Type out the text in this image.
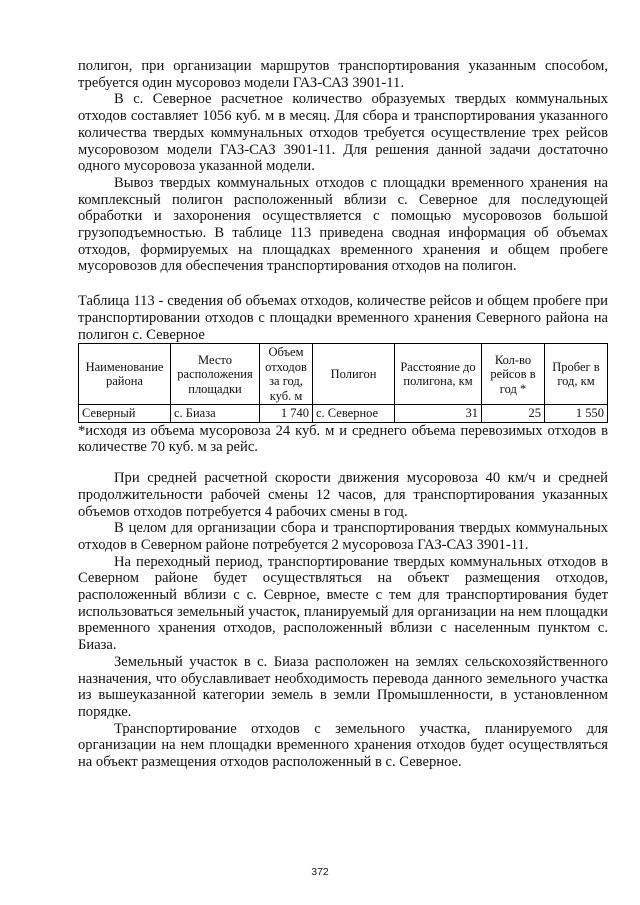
полигон, при организации маршрутов транспортирования указанным способом, требуется один мусоровоз модели ГАЗ-САЗ 3901-11.

В с. Северное расчетное количество образуемых твердых коммунальных отходов составляет 1056 куб. м в месяц. Для сбора и транспортирования указанного количества твердых коммунальных отходов требуется осуществление трех рейсов мусоровозом модели ГАЗ-САЗ 3901-11. Для решения данной задачи достаточно одного мусоровоза указанной модели.

Вывоз твердых коммунальных отходов с площадки временного хранения на комплексный полигон расположенный вблизи с. Северное для последующей обработки и захоронения осуществляется с помощью мусоровозов большой грузоподъемностью. В таблице 113 приведена сводная информация об объемах отходов, формируемых на площадках временного хранения и общем пробеге мусоровозов для обеспечения транспортирования отходов на полигон.

Таблица 113 - сведения об объемах отходов, количестве рейсов и общем пробеге при транспортировании отходов с площадки временного хранения Северного района на полигон с. Северное

Наименование района	Место расположения площадки	Объем отходов за год, куб. м	Полигон	Расстояние до полигона, км	Кол-во рейсов в год *	Пробег в год, км
Северный	с. Биаза	1 740	с. Северное	31	25	1 550

*исходя из объема мусоровоза 24 куб. м и среднего объема перевозимых отходов в количестве 70 куб. м за рейс.

При средней расчетной скорости движения мусоровоза 40 км/ч и средней продолжительности рабочей смены 12 часов, для транспортирования указанных объемов отходов потребуется 4 рабочих смены в год.

В целом для организации сбора и транспортирования твердых коммунальных отходов в Северном районе потребуется 2 мусоровоза ГАЗ-САЗ 3901-11.

На переходный период, транспортирование твердых коммунальных отходов в Северном районе будет осуществляться на объект размещения отходов, расположенный вблизи с с. Севрное, вместе с тем для транспортирования будет использоваться земельный участок, планируемый для организации на нем площадки временного хранения отходов, расположенный вблизи с населенным пунктом с. Биаза.

Земельный участок в с. Биаза расположен на землях сельскохозяйственного назначения, что обуславливает необходимость перевода данного земельного участка из вышеуказанной категории земель в земли Промышленности, в установленном порядке.

Транспортирование отходов с земельного участка, планируемого для организации на нем площадки временного хранения отходов будет осуществляться на объект размещения отходов расположенный в с. Северное.

372
